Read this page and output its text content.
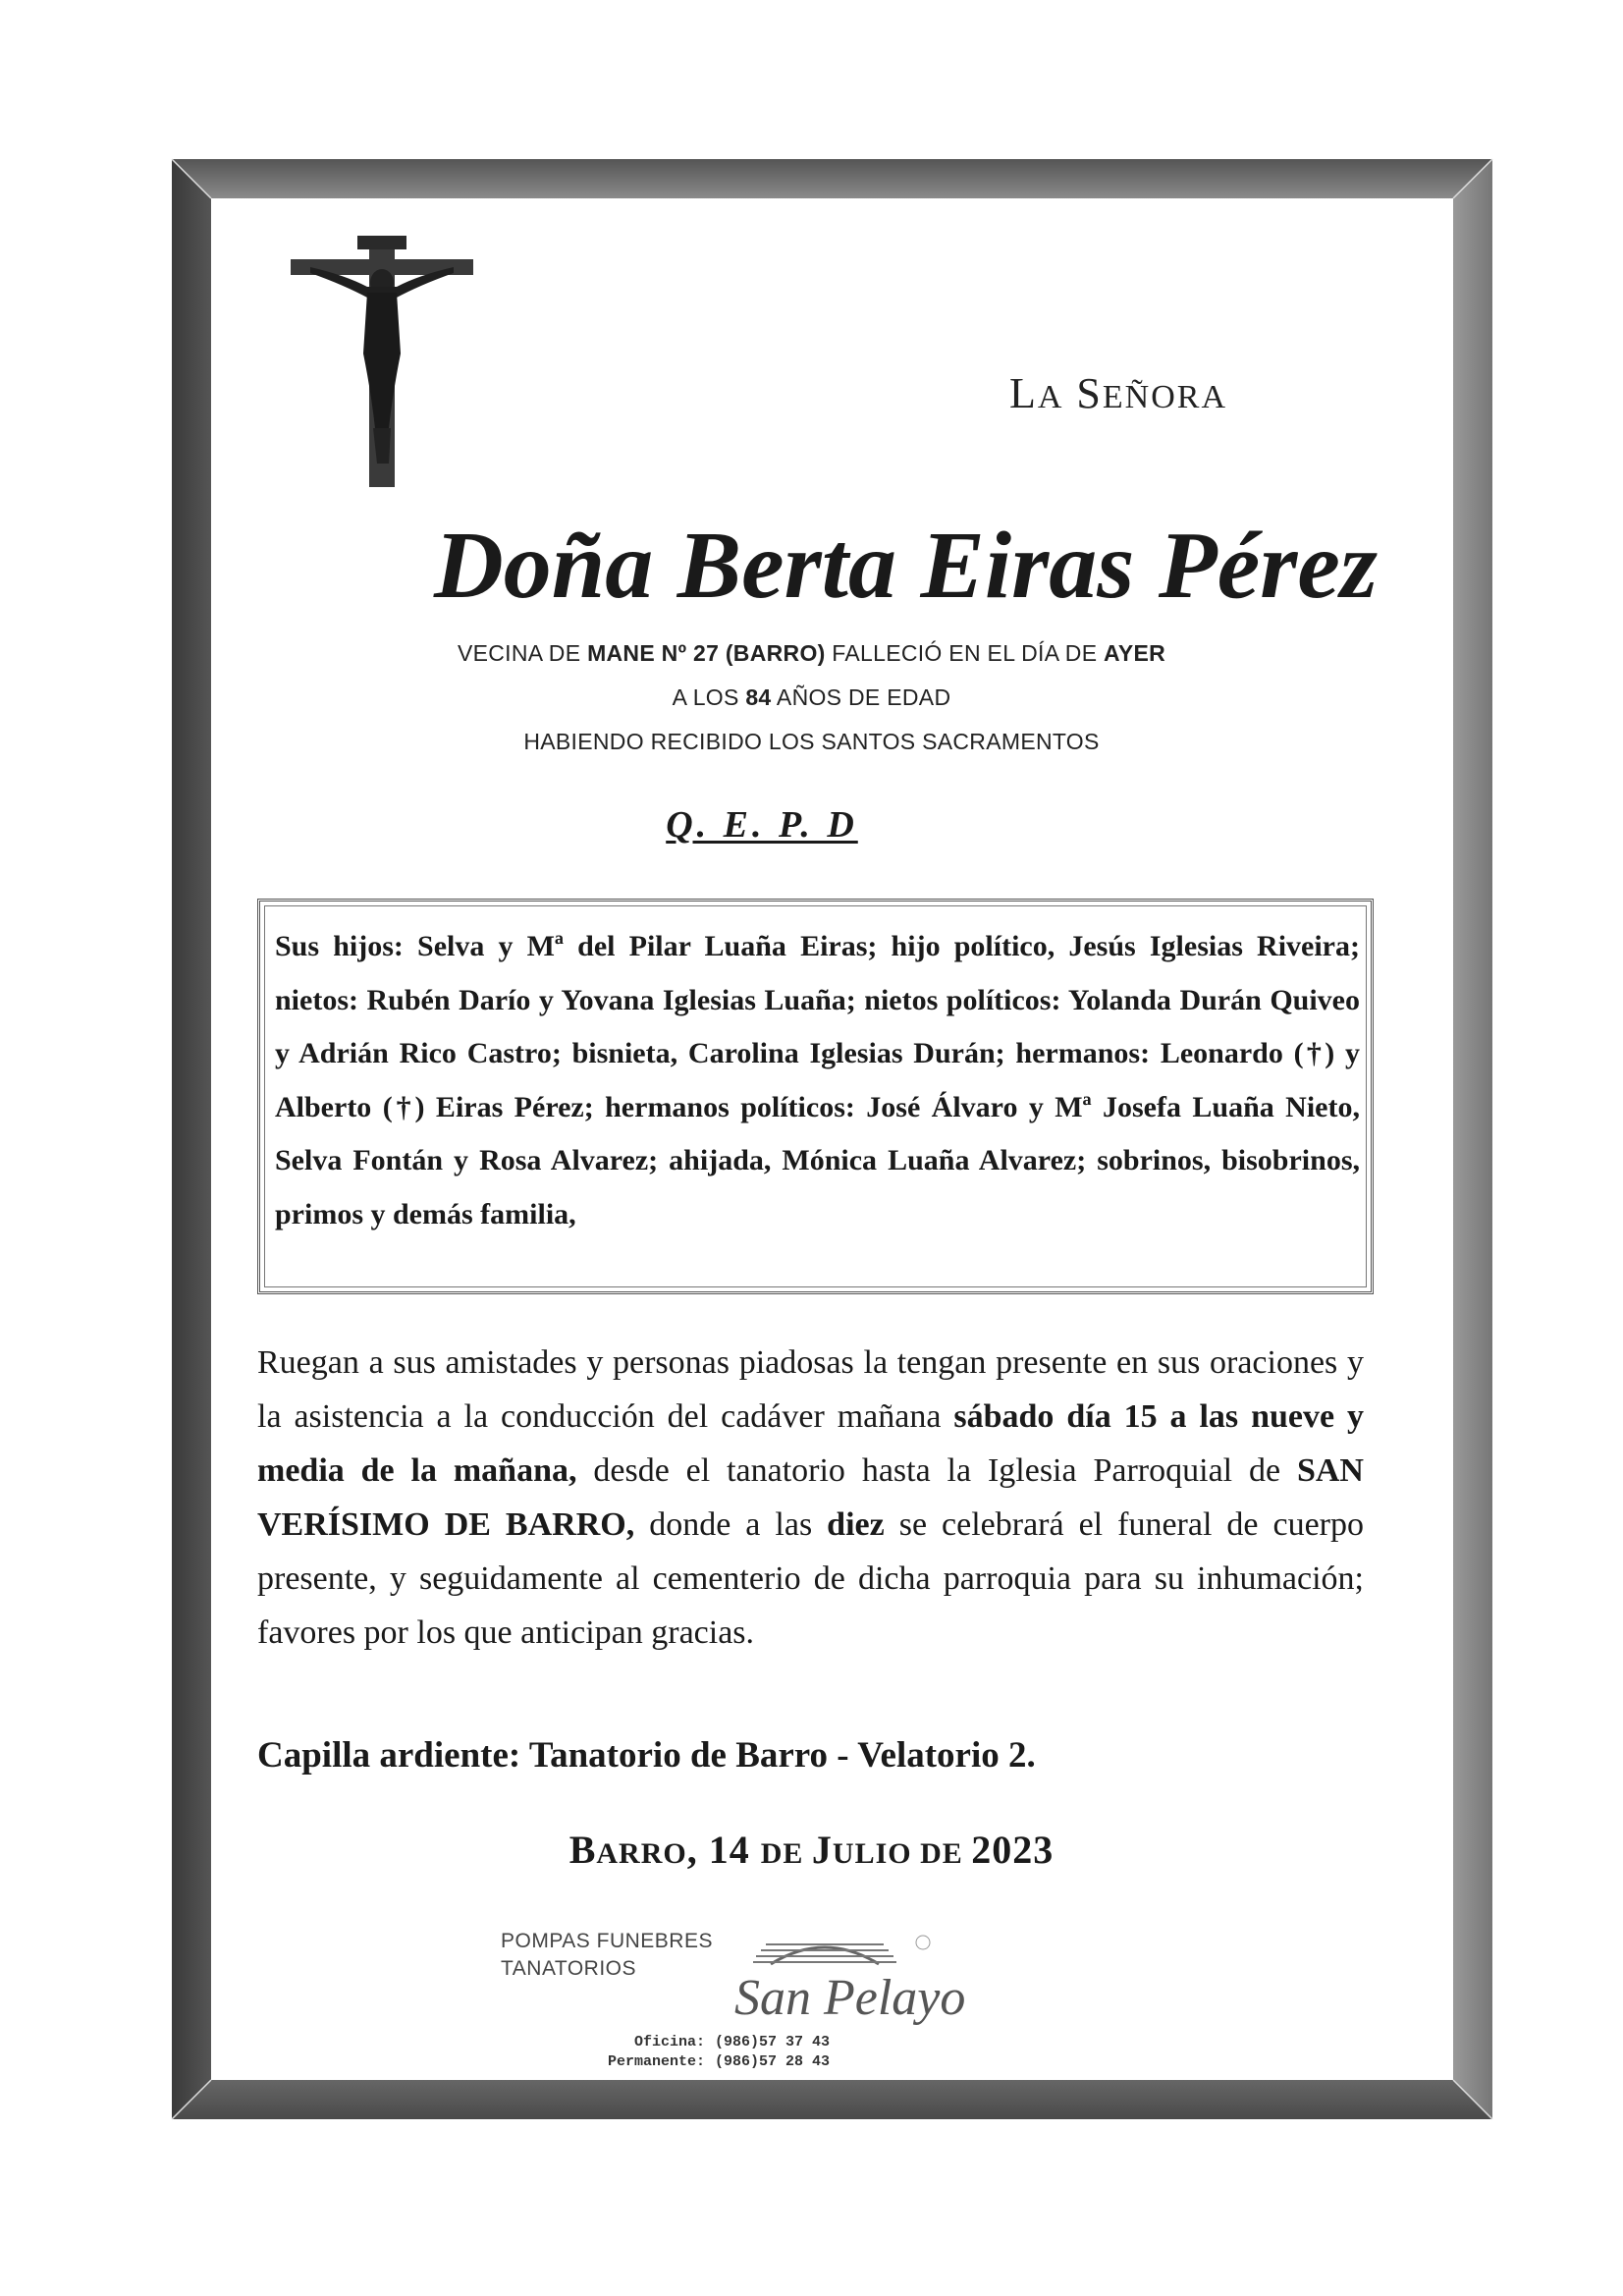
LA SEÑORA
Doña Berta Eiras Pérez
VECINA DE MANE Nº 27 (BARRO) FALLECIÓ EN EL DÍA DE AYER
A LOS 84 AÑOS DE EDAD
HABIENDO RECIBIDO LOS SANTOS SACRAMENTOS
Q. E. P. D
Sus hijos: Selva y Mª del Pilar Luaña Eiras; hijo político, Jesús Iglesias Riveira; nietos: Rubén Darío y Yovana Iglesias Luaña; nietos políticos: Yolanda Durán Quiveo y Adrián Rico Castro; bisnieta, Carolina Iglesias Durán; hermanos: Leonardo (†) y Alberto (†) Eiras Pérez; hermanos políticos: José Álvaro y Mª Josefa Luaña Nieto, Selva Fontán y Rosa Alvarez; ahijada, Mónica Luaña Alvarez; sobrinos, bisobrinos, primos y demás familia,
Ruegan a sus amistades y personas piadosas la tengan presente en sus oraciones y la asistencia a la conducción del cadáver mañana sábado día 15 a las nueve y media de la mañana, desde el tanatorio hasta la Iglesia Parroquial de SAN VERÍSIMO DE BARRO, donde a las diez se celebrará el funeral de cuerpo presente, y seguidamente al cementerio de dicha parroquia para su inhumación; favores por los que anticipan gracias.
Capilla ardiente: Tanatorio de Barro - Velatorio 2.
BARRO, 14 DE JULIO DE 2023
POMPAS FUNEBRES
TANATORIOS
San Pelayo
Oficina: (986)57 37 43
Permanente: (986)57 28 43
